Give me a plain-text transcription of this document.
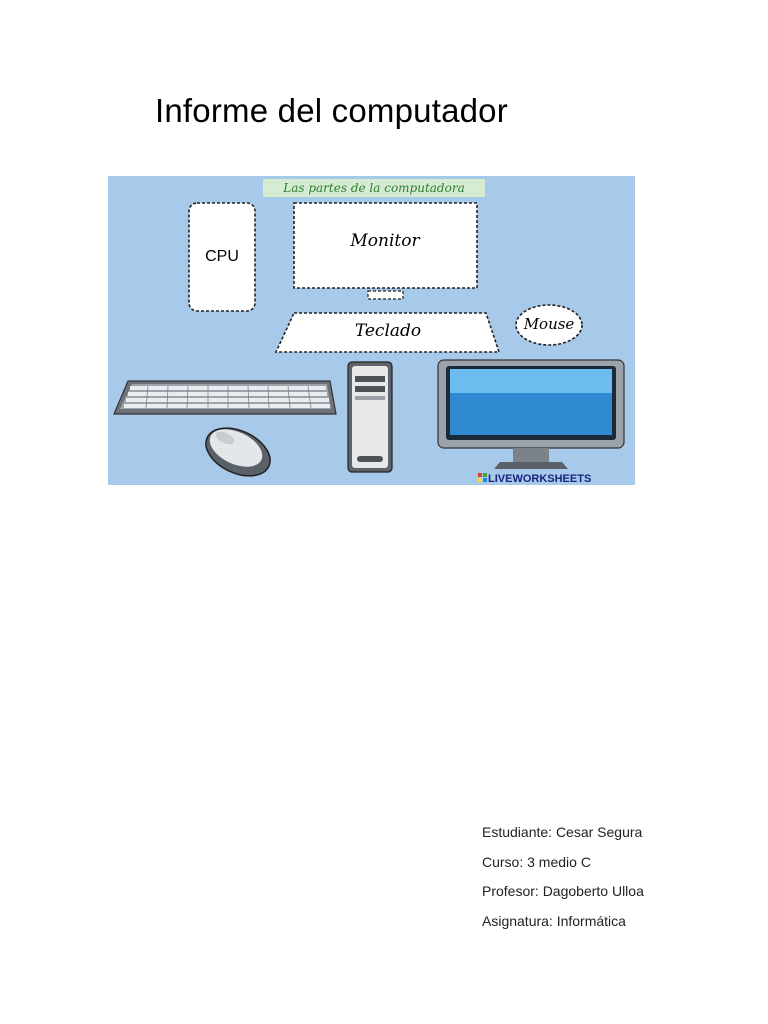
Informe del computador
Las partes de la computadora
CPU
Monitor
Teclado	Mouse
LIVEWORKSHEETS
Estudiante: Cesar Segura
Curso: 3 medio C
Profesor: Dagoberto Ulloa
Asignatura: Informática
